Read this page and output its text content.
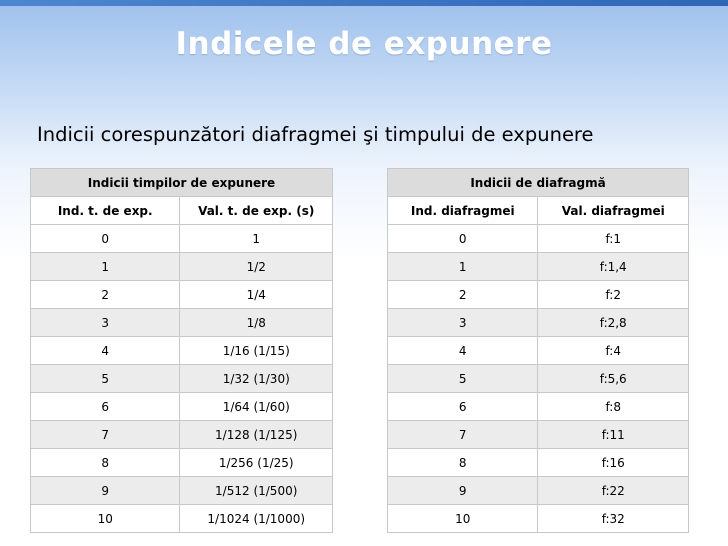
Indicele de expunere
Indicii corespunzători diafragmei şi timpului de expunere
Indicii timpilor de expunere	
Ind. t. de exp.	Val. t. de exp. (s)
0	1
1	1/2
2	1/4
3	1/8
4	1/16 (1/15)
5	1/32 (1/30)
6	1/64 (1/60)
7	1/128 (1/125)
8	1/256 (1/25)
9	1/512 (1/500)
10	1/1024 (1/1000)
Indicii de diafragmă	
Ind. diafragmei	Val. diafragmei
0	f:1
1	f:1,4
2	f:2
3	f:2,8
4	f:4
5	f:5,6
6	f:8
7	f:11
8	f:16
9	f:22
10	f:32
